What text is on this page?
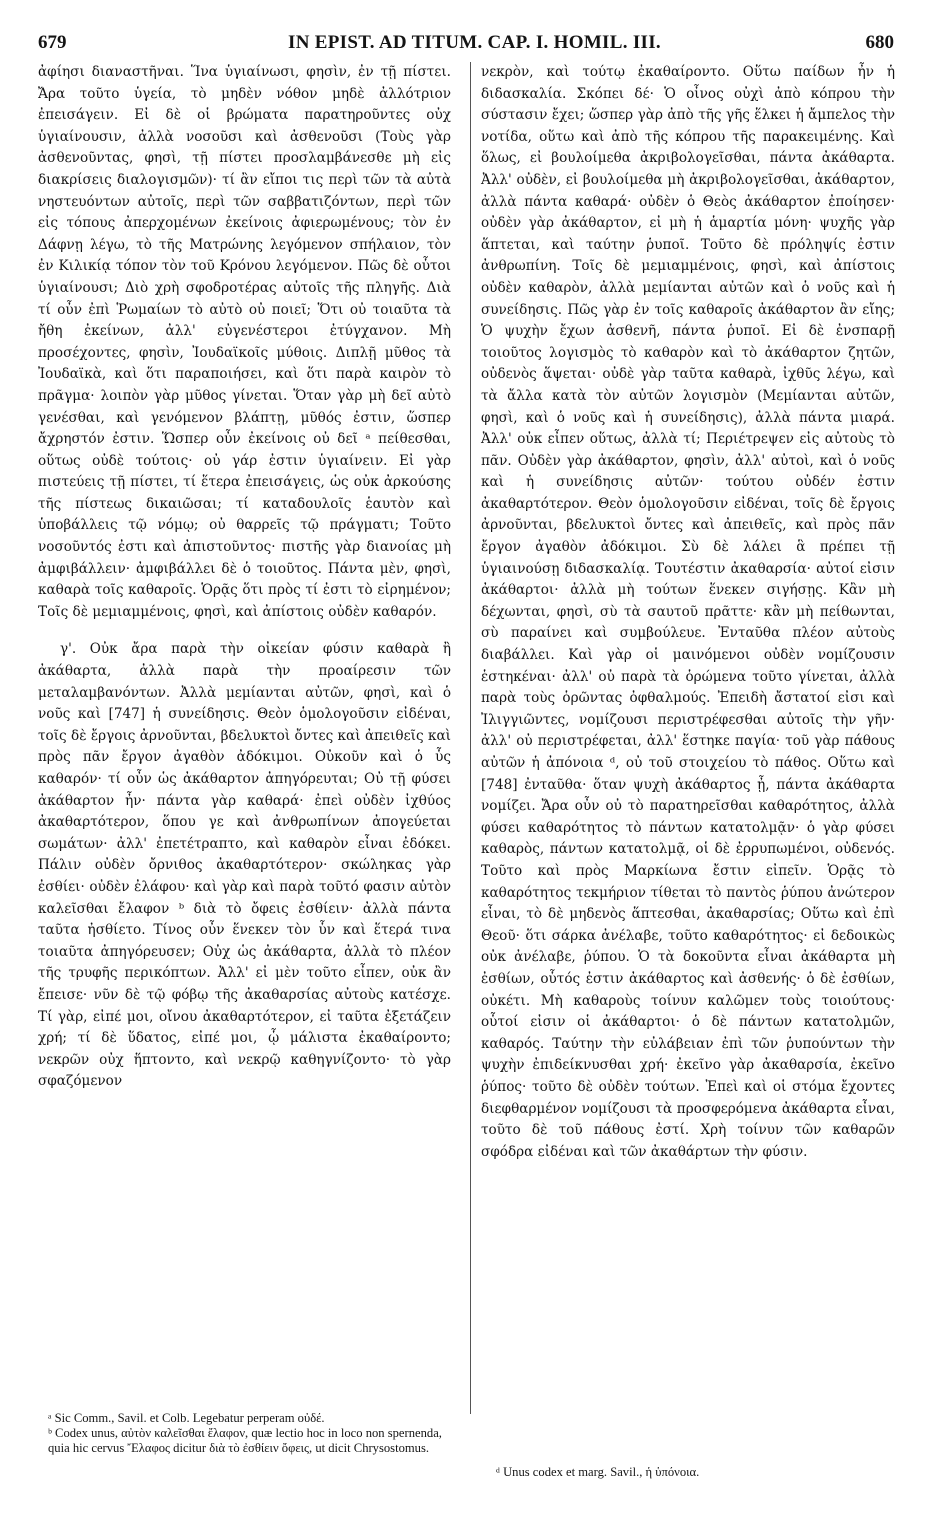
679	IN EPIST. AD TITUM. CAP. I. HOMIL. III.	680

ἀφίησι διαναστῆναι. Ἵνα ὑγιαίνωσι, φησὶν, ἐν τῇ πίστει. Ἄρα τοῦτο ὑγεία, τὸ μηδὲν νόθον μηδὲ ἀλλότριον ἐπεισάγειν. Εἰ δὲ οἱ βρώματα παρατηροῦντες οὐχ ὑγιαίνουσιν, ἀλλὰ νοσοῦσι καὶ ἀσθενοῦσι (Τοὺς γὰρ ἀσθενοῦντας, φησὶ, τῇ πίστει προσλαμβάνεσθε μὴ εἰς διακρίσεις διαλογισμῶν)· τί ἂν εἴποι τις περὶ τῶν τὰ αὐτὰ νηστευόντων αὐτοῖς, περὶ τῶν σαββατιζόντων, περὶ τῶν εἰς τόπους ἀπερχομένων ἐκείνοις ἀφιερωμένους; τὸν ἐν Δάφνῃ λέγω, τὸ τῆς Ματρώνης λεγόμενον σπήλαιον, τὸν ἐν Κιλικίᾳ τόπον τὸν τοῦ Κρόνου λεγόμενον. Πῶς δὲ οὗτοι ὑγιαίνουσι; Διὸ χρὴ σφοδροτέρας αὐτοῖς τῆς πληγῆς. Διὰ τί οὖν ἐπὶ Ῥωμαίων τὸ αὐτὸ οὐ ποιεῖ; Ὅτι οὐ τοιαῦτα τὰ ἤθη ἐκείνων, ἀλλ' εὐγενέστεροι ἐτύγχανον. Μὴ προσέχοντες, φησὶν, Ἰουδαϊκοῖς μύθοις. Διπλῇ μῦθος τὰ Ἰουδαϊκὰ, καὶ ὅτι παραποιήσει, καὶ ὅτι παρὰ καιρὸν τὸ πρᾶγμα· λοιπὸν γὰρ μῦθος γίνεται. Ὅταν γὰρ μὴ δεῖ αὐτὸ γενέσθαι, καὶ γενόμενον βλάπτῃ, μῦθός ἐστιν, ὥσπερ ἄχρηστόν ἐστιν. Ὥσπερ οὖν ἐκείνοις οὐ δεῖ ᵃ πείθεσθαι, οὕτως οὐδὲ τούτοις· οὐ γάρ ἐστιν ὑγιαίνειν. Εἰ γὰρ πιστεύεις τῇ πίστει, τί ἕτερα ἐπεισάγεις, ὡς οὐκ ἀρκούσης τῆς πίστεως δικαιῶσαι; τί καταδουλοῖς ἑαυτὸν καὶ ὑποβάλλεις τῷ νόμῳ; οὐ θαρρεῖς τῷ πράγματι; Τοῦτο νοσοῦντός ἐστι καὶ ἀπιστοῦντος· πιστῆς γὰρ διανοίας μὴ ἀμφιβάλλειν· ἀμφιβάλλει δὲ ὁ τοιοῦτος. Πάντα μὲν, φησὶ, καθαρὰ τοῖς καθαροῖς. Ὁρᾷς ὅτι πρὸς τί ἐστι τὸ εἰρημένον; Τοῖς δὲ μεμιαμμένοις, φησὶ, καὶ ἀπίστοις οὐδὲν καθαρόν.

γ'. Οὐκ ἄρα παρὰ τὴν οἰκείαν φύσιν καθαρὰ ἢ ἀκάθαρτα, ἀλλὰ παρὰ τὴν προαίρεσιν τῶν μεταλαμβανόντων. Ἀλλὰ μεμίανται αὐτῶν, φησὶ, καὶ ὁ νοῦς καὶ [747] ἡ συνείδησις. Θεὸν ὁμολογοῦσιν εἰδέναι, τοῖς δὲ ἔργοις ἀρνοῦνται, βδελυκτοὶ ὄντες καὶ ἀπειθεῖς καὶ πρὸς πᾶν ἔργον ἀγαθὸν ἀδόκιμοι. Οὐκοῦν καὶ ὁ ὗς καθαρόν· τί οὖν ὡς ἀκάθαρτον ἀπηγόρευται; Οὐ τῇ φύσει ἀκάθαρτον ἦν· πάντα γὰρ καθαρά· ἐπεὶ οὐδὲν ἰχθύος ἀκαθαρτότερον, ὅπου γε καὶ ἀνθρωπίνων ἀπογεύεται σωμάτων· ἀλλ' ἐπετέτραπτο, καὶ καθαρὸν εἶναι ἐδόκει. Πάλιν οὐδὲν ὄρνιθος ἀκαθαρτότερον· σκώληκας γὰρ ἐσθίει· οὐδὲν ἐλάφου· καὶ γὰρ καὶ παρὰ τοῦτό φασιν αὐτὸν καλεῖσθαι ἔλαφον ᵇ διὰ τὸ ὄφεις ἐσθίειν· ἀλλὰ πάντα ταῦτα ἠσθίετο. Τίνος οὖν ἕνεκεν τὸν ὗν καὶ ἕτερά τινα τοιαῦτα ἀπηγόρευσεν; Οὐχ ὡς ἀκάθαρτα, ἀλλὰ τὸ πλέον τῆς τρυφῆς περικόπτων. Ἀλλ' εἰ μὲν τοῦτο εἶπεν, οὐκ ἂν ἔπεισε· νῦν δὲ τῷ φόβῳ τῆς ἀκαθαρσίας αὐτοὺς κατέσχε. Τί γὰρ, εἰπέ μοι, οἴνου ἀκαθαρτότερον, εἰ ταῦτα ἐξετάζειν χρή; τί δὲ ὕδατος, εἰπέ μοι, ᾧ μάλιστα ἐκαθαίροντο; νεκρῶν οὐχ ἥπτοντο, καὶ νεκρῷ καθηγνίζοντο· τὸ γὰρ σφαζόμενον

νεκρὸν, καὶ τούτῳ ἐκαθαίροντο. Οὕτω παίδων ἦν ἡ διδασκαλία. Σκόπει δέ· Ὁ οἶνος οὐχὶ ἀπὸ κόπρου τὴν σύστασιν ἔχει; ὥσπερ γὰρ ἀπὸ τῆς γῆς ἕλκει ἡ ἄμπελος τὴν νοτίδα, οὕτω καὶ ἀπὸ τῆς κόπρου τῆς παρακειμένης. Καὶ ὅλως, εἰ βουλοίμεθα ἀκριβολογεῖσθαι, πάντα ἀκάθαρτα. Ἀλλ' οὐδὲν, εἰ βουλοίμεθα μὴ ἀκριβολογεῖσθαι, ἀκάθαρτον, ἀλλὰ πάντα καθαρά· οὐδὲν ὁ Θεὸς ἀκάθαρτον ἐποίησεν· οὐδὲν γὰρ ἀκάθαρτον, εἰ μὴ ἡ ἁμαρτία μόνη· ψυχῆς γὰρ ἅπτεται, καὶ ταύτην ῥυποῖ. Τοῦτο δὲ πρόληψίς ἐστιν ἀνθρωπίνη. Τοῖς δὲ μεμιαμμένοις, φησὶ, καὶ ἀπίστοις οὐδὲν καθαρὸν, ἀλλὰ μεμίανται αὐτῶν καὶ ὁ νοῦς καὶ ἡ συνείδησις. Πῶς γὰρ ἐν τοῖς καθαροῖς ἀκάθαρτον ἂν εἴης; Ὁ ψυχὴν ἔχων ἀσθενῆ, πάντα ῥυποῖ. Εἰ δὲ ἐνσπαρῇ τοιοῦτος λογισμὸς τὸ καθαρὸν καὶ τὸ ἀκάθαρτον ζητῶν, οὐδενὸς ἅψεται· οὐδὲ γὰρ ταῦτα καθαρὰ, ἰχθῦς λέγω, καὶ τὰ ἄλλα κατὰ τὸν αὐτῶν λογισμὸν (Μεμίανται αὐτῶν, φησὶ, καὶ ὁ νοῦς καὶ ἡ συνείδησις), ἀλλὰ πάντα μιαρά. Ἀλλ' οὐκ εἶπεν οὕτως, ἀλλὰ τί; Περιέτρεψεν εἰς αὐτοὺς τὸ πᾶν. Οὐδὲν γὰρ ἀκάθαρτον, φησὶν, ἀλλ' αὐτοὶ, καὶ ὁ νοῦς καὶ ἡ συνείδησις αὐτῶν· τούτου οὐδέν ἐστιν ἀκαθαρτότερον. Θεὸν ὁμολογοῦσιν εἰδέναι, τοῖς δὲ ἔργοις ἀρνοῦνται, βδελυκτοὶ ὄντες καὶ ἀπειθεῖς, καὶ πρὸς πᾶν ἔργον ἀγαθὸν ἀδόκιμοι. Σὺ δὲ λάλει ἃ πρέπει τῇ ὑγιαινούσῃ διδασκαλίᾳ. Τουτέστιν ἀκαθαρσία· αὐτοί εἰσιν ἀκάθαρτοι· ἀλλὰ μὴ τούτων ἕνεκεν σιγήσῃς. Κἂν μὴ δέχωνται, φησὶ, σὺ τὰ σαυτοῦ πρᾶττε· κἂν μὴ πείθωνται, σὺ παραίνει καὶ συμβούλευε. Ἐνταῦθα πλέον αὐτοὺς διαβάλλει. Καὶ γὰρ οἱ μαινόμενοι οὐδὲν νομίζουσιν ἑστηκέναι· ἀλλ' οὐ παρὰ τὰ ὁρώμενα τοῦτο γίνεται, ἀλλὰ παρὰ τοὺς ὁρῶντας ὀφθαλμούς. Ἐπειδὴ ἄστατοί εἰσι καὶ Ἰλιγγιῶντες, νομίζουσι περιστρέφεσθαι αὐτοῖς τὴν γῆν· ἀλλ' οὐ περιστρέφεται, ἀλλ' ἕστηκε παγία· τοῦ γὰρ πάθους αὐτῶν ἡ ἀπόνοια ᵈ, οὐ τοῦ στοιχείου τὸ πάθος. Οὕτω καὶ [748] ἐνταῦθα· ὅταν ψυχὴ ἀκάθαρτος ᾖ, πάντα ἀκάθαρτα νομίζει. Ἄρα οὖν οὐ τὸ παρατηρεῖσθαι καθαρότητος, ἀλλὰ φύσει καθαρότητος τὸ πάντων κατατολμᾷν· ὁ γὰρ φύσει καθαρὸς, πάντων κατατολμᾷ, οἱ δὲ ἐρρυπωμένοι, οὐδενός. Τοῦτο καὶ πρὸς Μαρκίωνα ἔστιν εἰπεῖν. Ὁρᾷς τὸ καθαρότητος τεκμήριον τίθεται τὸ παντὸς ῥύπου ἀνώτερον εἶναι, τὸ δὲ μηδενὸς ἅπτεσθαι, ἀκαθαρσίας; Οὕτω καὶ ἐπὶ Θεοῦ· ὅτι σάρκα ἀνέλαβε, τοῦτο καθαρότητος· εἰ δεδοικὼς οὐκ ἀνέλαβε, ῥύπου. Ὁ τὰ δοκοῦντα εἶναι ἀκάθαρτα μὴ ἐσθίων, οὗτός ἐστιν ἀκάθαρτος καὶ ἀσθενής· ὁ δὲ ἐσθίων, οὐκέτι. Μὴ καθαροὺς τοίνυν καλῶμεν τοὺς τοιούτους· οὗτοί εἰσιν οἱ ἀκάθαρτοι· ὁ δὲ πάντων κατατολμῶν, καθαρός. Ταύτην τὴν εὐλάβειαν ἐπὶ τῶν ῥυπούντων τὴν ψυχὴν ἐπιδείκνυσθαι χρή· ἐκεῖνο γὰρ ἀκαθαρσία, ἐκεῖνο ῥύπος· τοῦτο δὲ οὐδὲν τούτων. Ἐπεὶ καὶ οἱ στόμα ἔχοντες διεφθαρμένον νομίζουσι τὰ προσφερόμενα ἀκάθαρτα εἶναι, τοῦτο δὲ τοῦ πάθους ἐστί. Χρὴ τοίνυν τῶν καθαρῶν σφόδρα εἰδέναι καὶ τῶν ἀκαθάρτων τὴν φύσιν.

ᵃ Sic Comm., Savil. et Colb. Legebatur perperam οὐδέ.

ᵇ Codex unus, αὐτὸν καλεῖσθαι ἔλαφον, quæ lectio hoc in loco non spernenda, quia hic cervus Ἔλαφος dicitur διὰ τὸ ἐσθίειν ὄφεις, ut dicit Chrysostomus.

ᵈ Unus codex et marg. Savil., ἡ ὑπόνοια.
